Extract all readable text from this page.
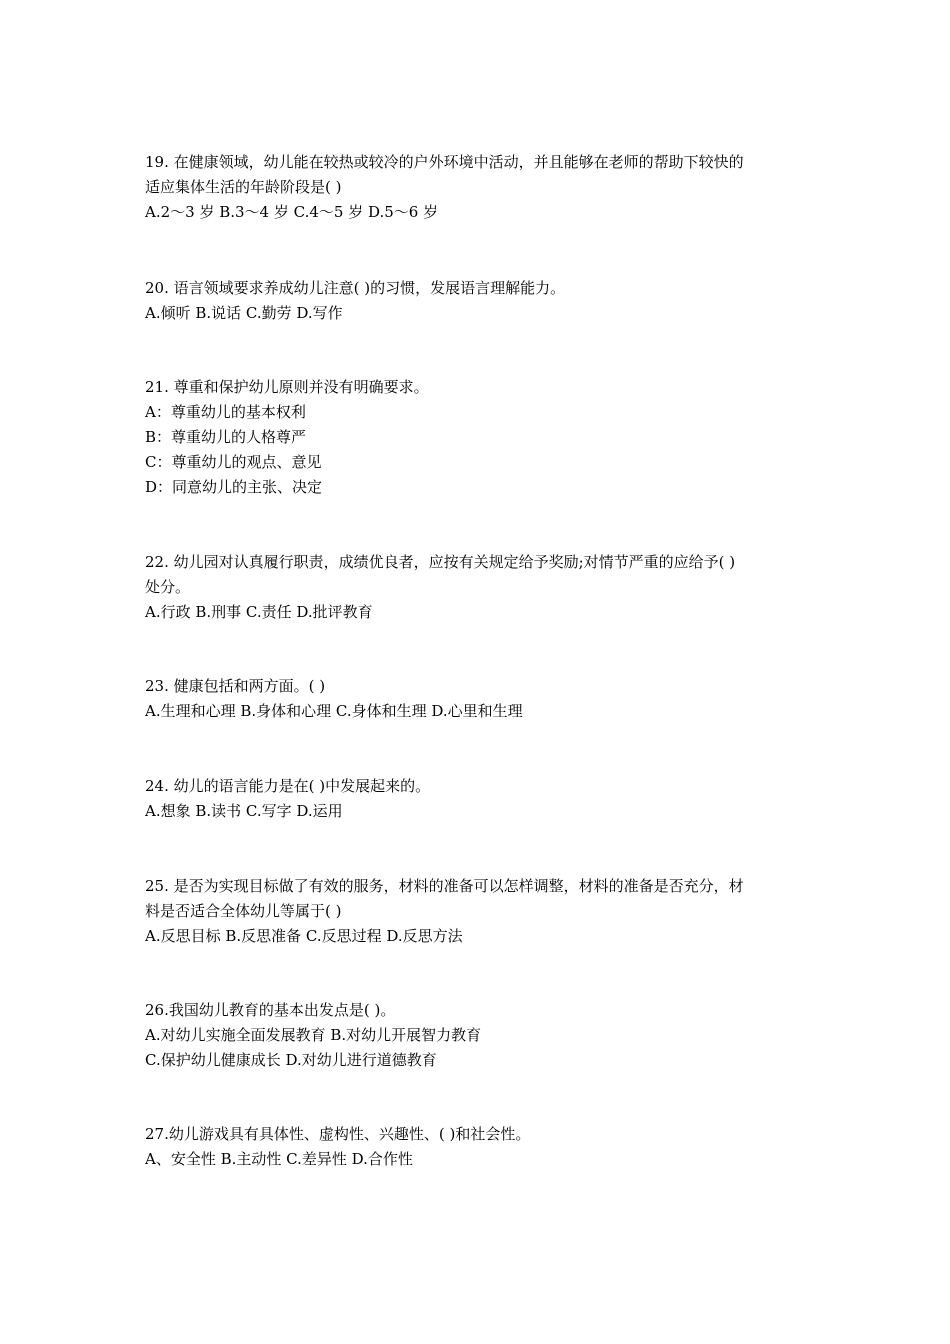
19. 在健康领域，幼儿能在较热或较冷的户外环境中活动，并且能够在老师的帮助下较快的
适应集体生活的年龄阶段是( )
A.2～3 岁 B.3～4 岁 C.4～5 岁 D.5～6 岁
20. 语言领域要求养成幼儿注意( )的习惯，发展语言理解能力。
A.倾听 B.说话 C.勤劳 D.写作
21. 尊重和保护幼儿原则并没有明确要求。
A：尊重幼儿的基本权利
B：尊重幼儿的人格尊严
C：尊重幼儿的观点、意见
D：同意幼儿的主张、决定
22. 幼儿园对认真履行职责，成绩优良者，应按有关规定给予奖励;对情节严重的应给予( )
处分。
A.行政 B.刑事 C.责任 D.批评教育
23. 健康包括和两方面。( )
A.生理和心理 B.身体和心理 C.身体和生理 D.心里和生理
24. 幼儿的语言能力是在( )中发展起来的。
A.想象 B.读书 C.写字 D.运用
25. 是否为实现目标做了有效的服务，材料的准备可以怎样调整，材料的准备是否充分，材
料是否适合全体幼儿等属于( )
A.反思目标 B.反思准备 C.反思过程 D.反思方法
26.我国幼儿教育的基本出发点是( )。
A.对幼儿实施全面发展教育 B.对幼儿开展智力教育
C.保护幼儿健康成长 D.对幼儿进行道德教育
27.幼儿游戏具有具体性、虚构性、兴趣性、( )和社会性。
A、安全性 B.主动性 C.差异性 D.合作性
